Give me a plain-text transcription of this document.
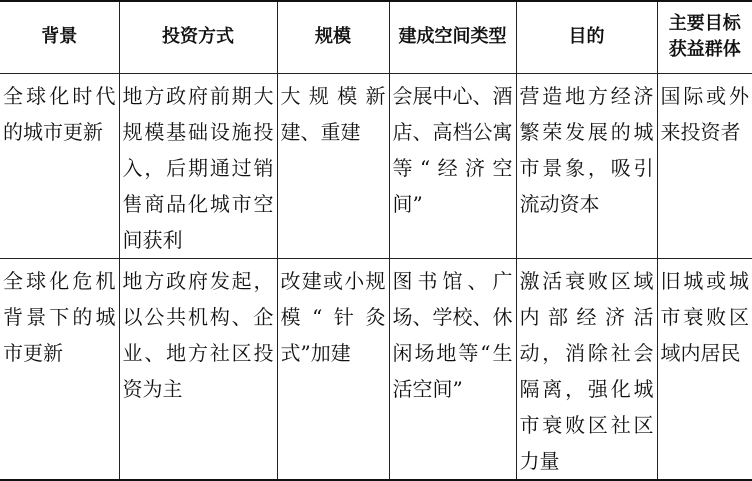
背景	投资方式	规模	建成空间类型	目的	主要目标获益群体
全球化时代的城市更新	地方政府前期大规模基础设施投入，后期通过销售商品化城市空间获利	大规模新建、重建	会展中心、酒店、高档公寓等“经济空间”	营造地方经济繁荣发展的城市景象，吸引流动资本	国际或外来投资者
全球化危机背景下的城市更新	地方政府发起，以公共机构、企业、地方社区投资为主	改建或小规模“针灸式”加建	图书馆、广场、学校、休闲场地等“生活空间”	激活衰败区域内部经济活动，消除社会隔离，强化城市衰败区社区力量	旧城或城市衰败区域内居民
